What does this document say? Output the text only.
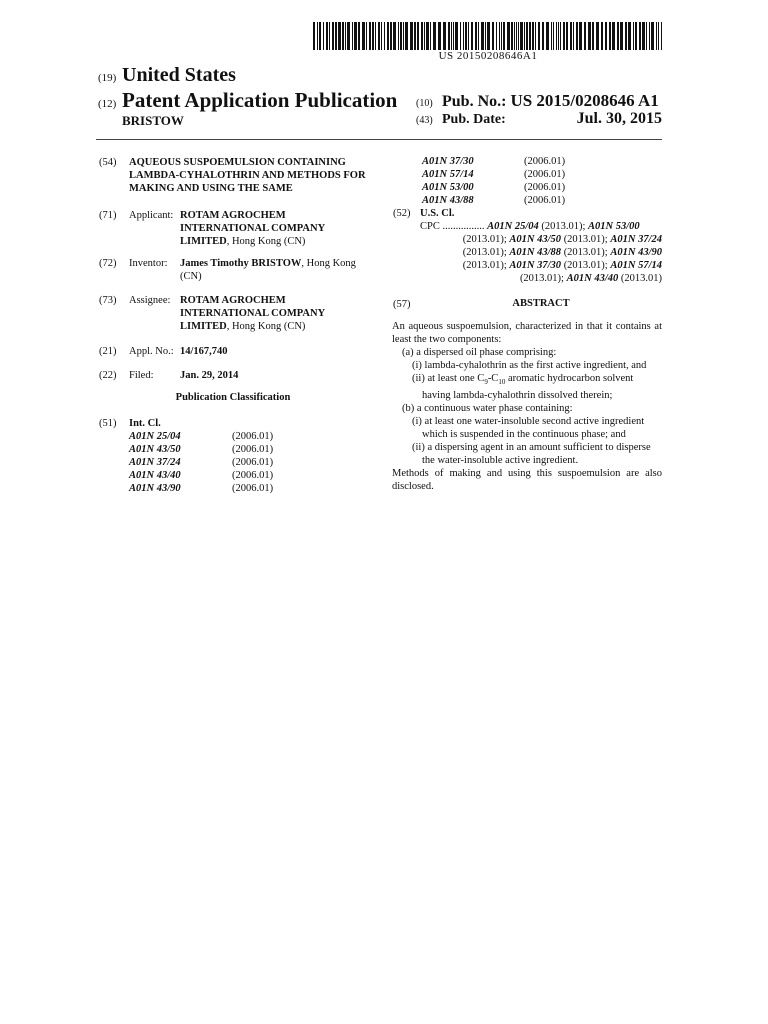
US 20150208646A1
(19) United States
(12) Patent Application Publication
BRISTOW
(10) Pub. No.: US 2015/0208646 A1
(43) Pub. Date:	Jul. 30, 2015
(54) AQUEOUS SUSPOEMULSION CONTAINING LAMBDA-CYHALOTHRIN AND METHODS FOR MAKING AND USING THE SAME
(71) Applicant: ROTAM AGROCHEM INTERNATIONAL COMPANY LIMITED, Hong Kong (CN)
(72) Inventor: James Timothy BRISTOW, Hong Kong (CN)
(73) Assignee: ROTAM AGROCHEM INTERNATIONAL COMPANY LIMITED, Hong Kong (CN)
(21) Appl. No.: 14/167,740
(22) Filed:	Jan. 29, 2014
Publication Classification
(51) Int. Cl.
A01N 25/04	(2006.01)
A01N 43/50	(2006.01)
A01N 37/24	(2006.01)
A01N 43/40	(2006.01)
A01N 43/90	(2006.01)
A01N 37/30	(2006.01)
A01N 57/14	(2006.01)
A01N 53/00	(2006.01)
A01N 43/88	(2006.01)
(52) U.S. Cl.
CPC ................ A01N 25/04 (2013.01); A01N 53/00
(2013.01); A01N 43/50 (2013.01); A01N 37/24
(2013.01); A01N 43/88 (2013.01); A01N 43/90
(2013.01); A01N 37/30 (2013.01); A01N 57/14
(2013.01); A01N 43/40 (2013.01)
(57)	ABSTRACT

An aqueous suspoemulsion, characterized in that it contains at least the two components:

(a) a dispersed oil phase comprising:

(i) lambda-cyhalothrin as the first active ingredient, and

(ii) at least one $C_9-C_{10}$ aromatic hydrocarbon solvent

having lambda-cyhalothrin dissolved therein;

(b) a continuous water phase containing:

(i) at least one water-insoluble second active ingredient

which is suspended in the continuous phase; and

(ii) a dispersing agent in an amount sufficient to disperse

the water-insoluble active ingredient.

Methods of making and using this suspoemulsion are also disclosed.
